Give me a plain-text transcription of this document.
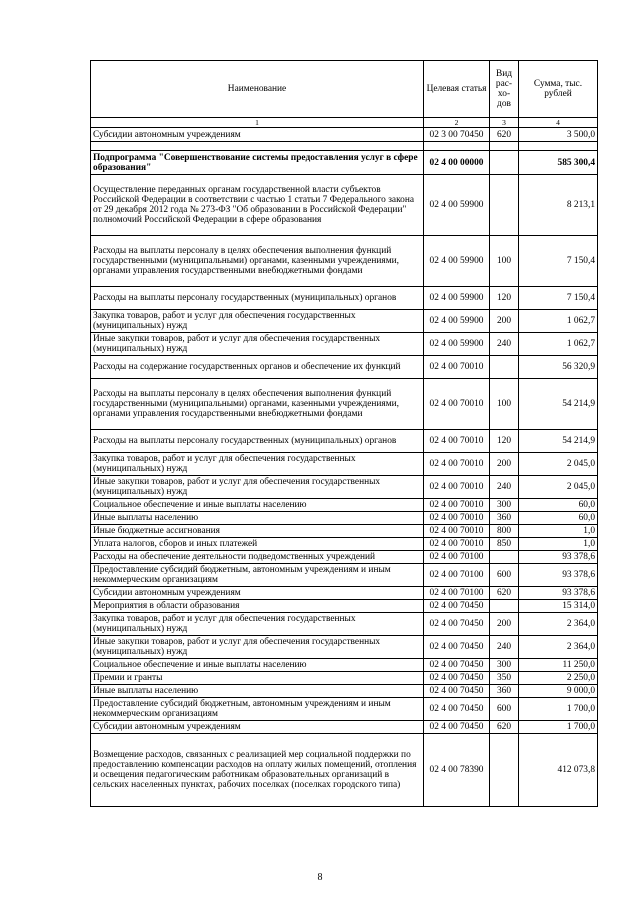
Наименование	Целевая статья	Вид рас-хо-дов	Сумма, тыс. рублей
1	2	3	4
Субсидии автономным учреждениям	02 3 00 70450	620	3 500,0

Подпрограмма "Совершенствование системы предоставления услуг в сфере образования"	02 4 00 00000		585 300,4
Осуществление переданных органам государственной власти субъектов Российской Федерации в соответствии с частью 1 статьи 7 Федерального закона от 29 декабря 2012 года № 273-ФЗ "Об образовании в Российской Федерации" полномочий Российской Федерации в сфере образования	02 4 00 59900		8 213,1
Расходы на выплаты персоналу в целях обеспечения выполнения функций государственными (муниципальными) органами, казенными учреждениями, органами управления государственными внебюджетными фондами	02 4 00 59900	100	7 150,4
Расходы на выплаты персоналу государственных (муниципальных) органов	02 4 00 59900	120	7 150,4
Закупка товаров, работ и услуг для обеспечения государственных (муниципальных) нужд	02 4 00 59900	200	1 062,7
Иные закупки товаров, работ и услуг для обеспечения государственных (муниципальных) нужд	02 4 00 59900	240	1 062,7
Расходы на содержание государственных органов и обеспечение их функций	02 4 00 70010		56 320,9
Расходы на выплаты персоналу в целях обеспечения выполнения функций государственными (муниципальными) органами, казенными учреждениями, органами управления государственными внебюджетными фондами	02 4 00 70010	100	54 214,9
Расходы на выплаты персоналу государственных (муниципальных) органов	02 4 00 70010	120	54 214,9
Закупка товаров, работ и услуг для обеспечения государственных (муниципальных) нужд	02 4 00 70010	200	2 045,0
Иные закупки товаров, работ и услуг для обеспечения государственных (муниципальных) нужд	02 4 00 70010	240	2 045,0
Социальное обеспечение и иные выплаты населению	02 4 00 70010	300	60,0
Иные выплаты населению	02 4 00 70010	360	60,0
Иные бюджетные ассигнования	02 4 00 70010	800	1,0
Уплата налогов, сборов и иных платежей	02 4 00 70010	850	1,0
Расходы на обеспечение деятельности подведомственных учреждений	02 4 00 70100		93 378,6
Предоставление субсидий бюджетным, автономным учреждениям и иным некоммерческим организациям	02 4 00 70100	600	93 378,6
Субсидии автономным учреждениям	02 4 00 70100	620	93 378,6
Мероприятия в области образования	02 4 00 70450		15 314,0
Закупка товаров, работ и услуг для обеспечения государственных (муниципальных) нужд	02 4 00 70450	200	2 364,0
Иные закупки товаров, работ и услуг для обеспечения государственных (муниципальных) нужд	02 4 00 70450	240	2 364,0
Социальное обеспечение и иные выплаты населению	02 4 00 70450	300	11 250,0
Премии и гранты	02 4 00 70450	350	2 250,0
Иные выплаты населению	02 4 00 70450	360	9 000,0
Предоставление субсидий бюджетным, автономным учреждениям и иным некоммерческим организациям	02 4 00 70450	600	1 700,0
Субсидии автономным учреждениям	02 4 00 70450	620	1 700,0
Возмещение расходов, связанных с реализацией мер социальной поддержки по предоставлению компенсации расходов на оплату жилых помещений, отопления и освещения педагогическим работникам образовательных организаций в сельских населенных пунктах, рабочих поселках (поселках городского типа)	02 4 00 78390		412 073,8
8
